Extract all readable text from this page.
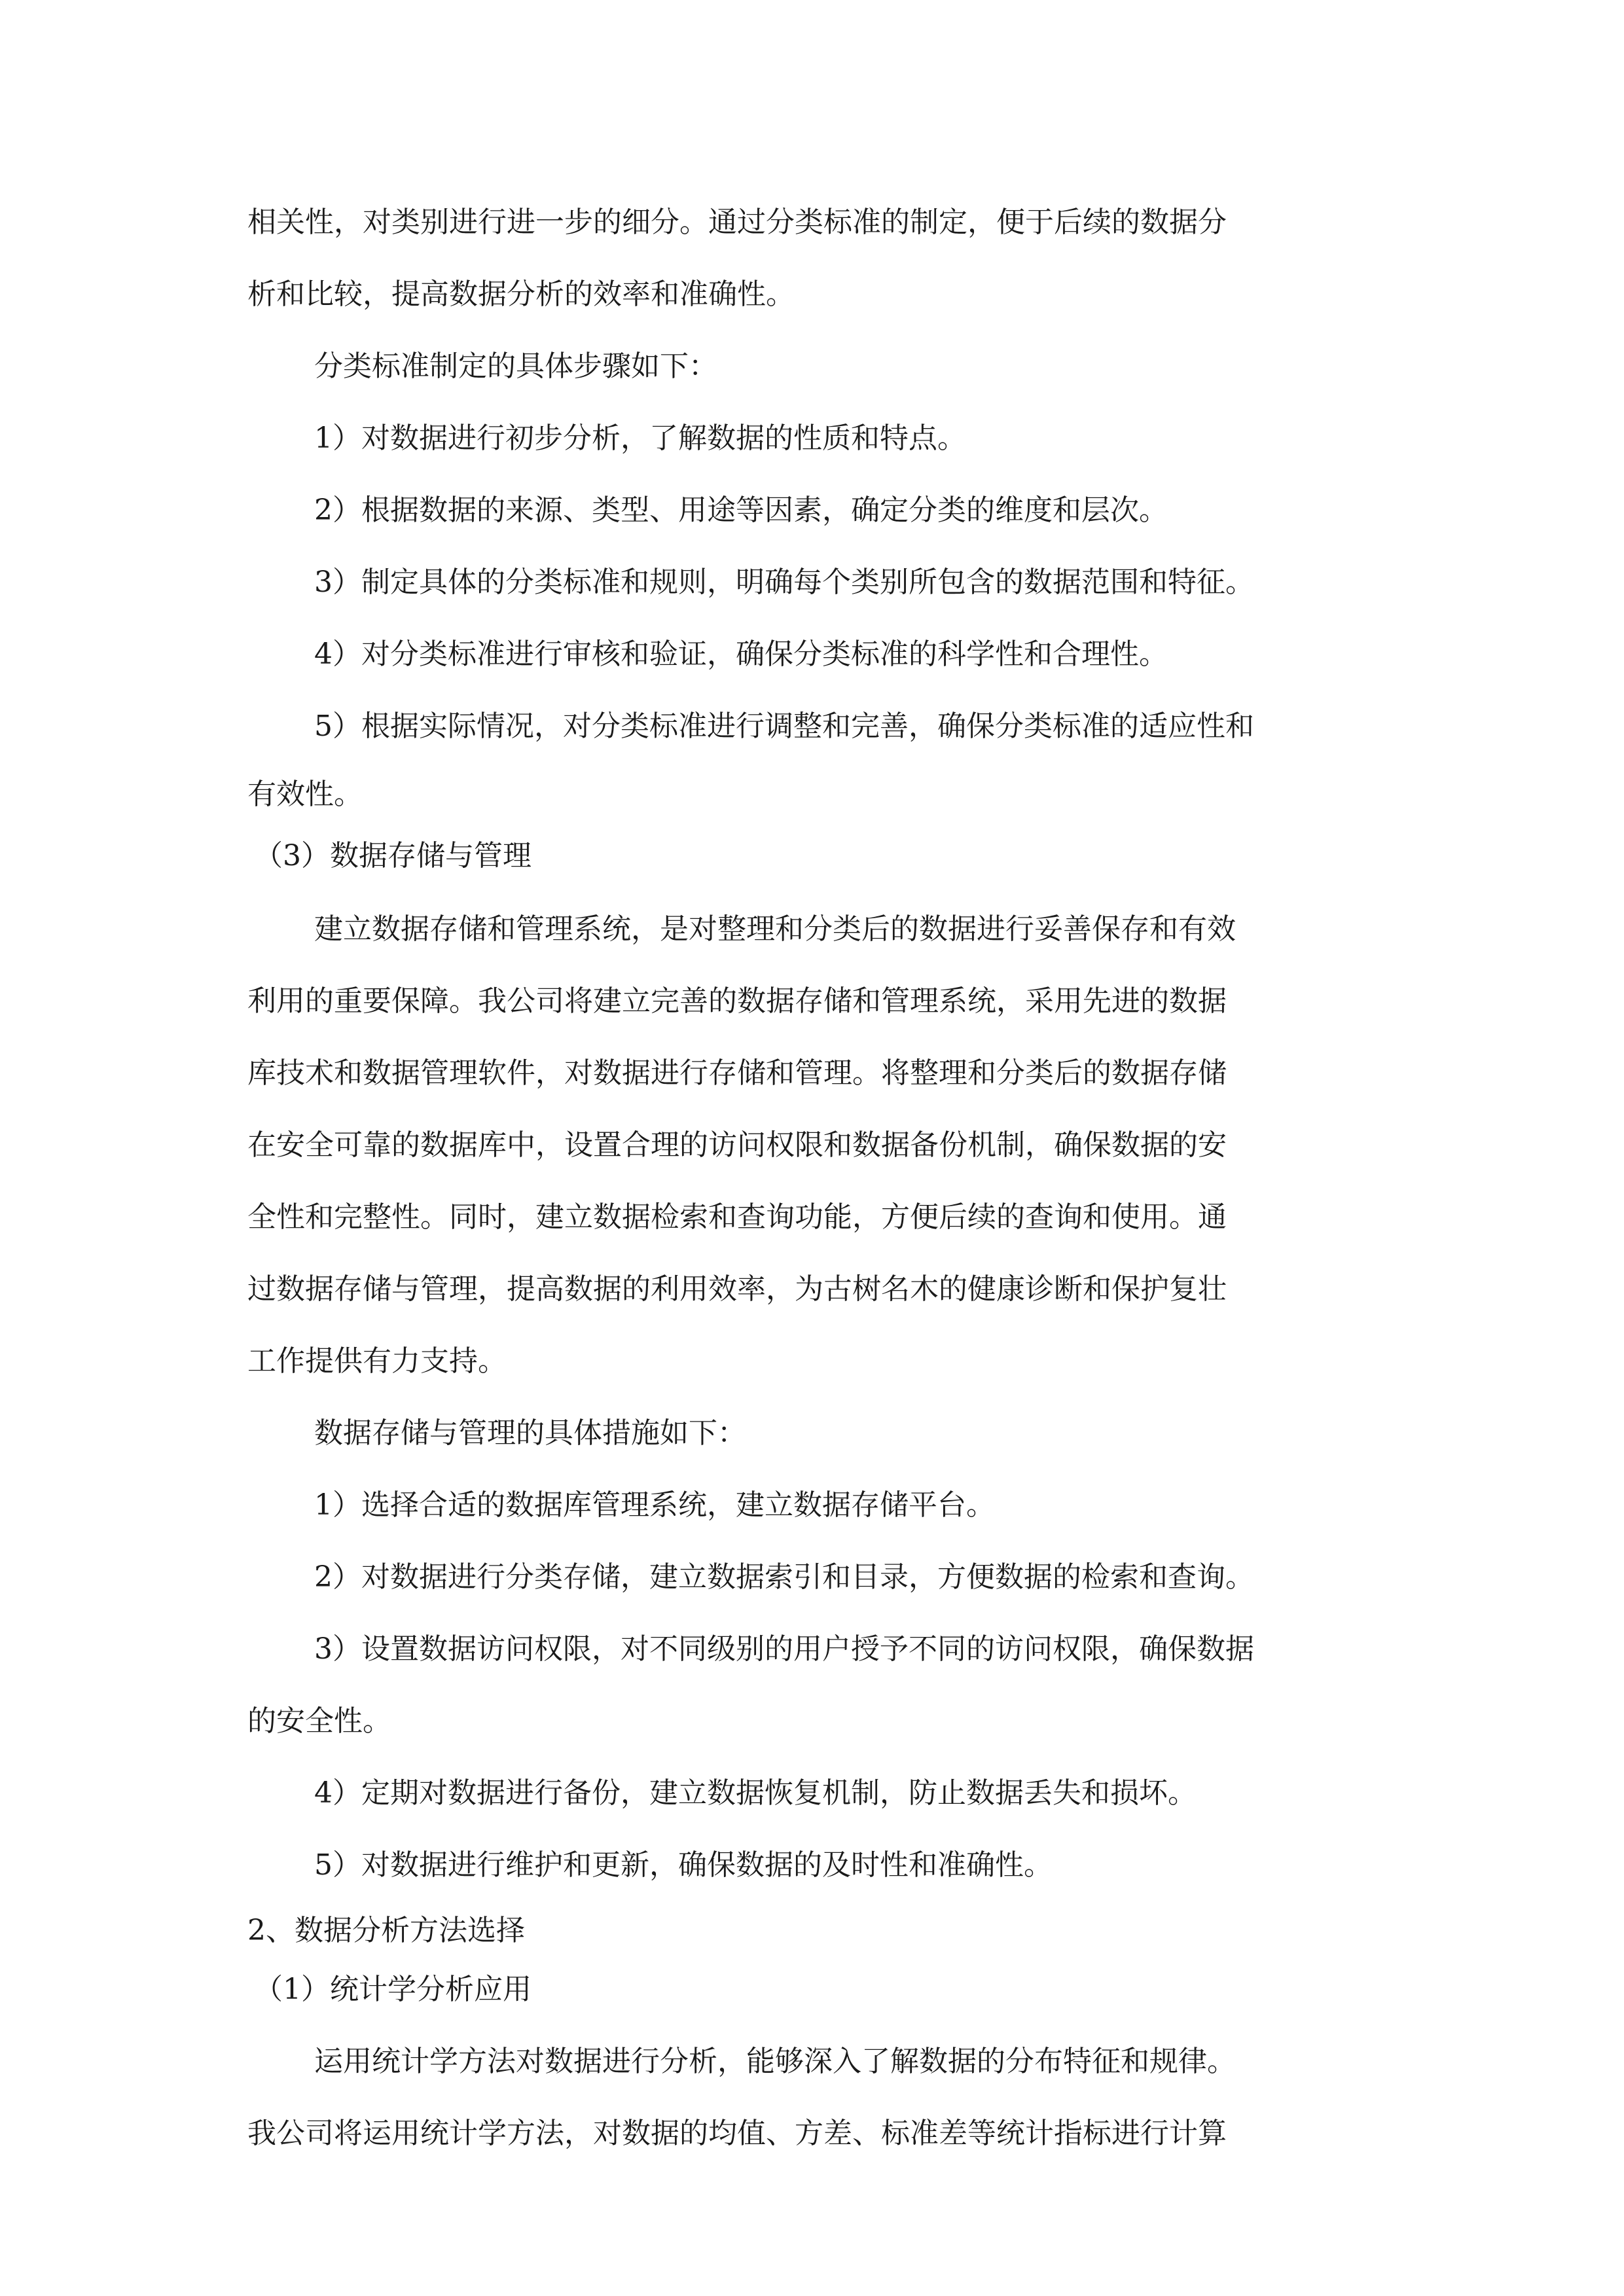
相关性，对类别进行进一步的细分。通过分类标准的制定，便于后续的数据分
析和比较，提高数据分析的效率和准确性。
分类标准制定的具体步骤如下：
1）对数据进行初步分析，了解数据的性质和特点。
2）根据数据的来源、类型、用途等因素，确定分类的维度和层次。
3）制定具体的分类标准和规则，明确每个类别所包含的数据范围和特征。
4）对分类标准进行审核和验证，确保分类标准的科学性和合理性。
5）根据实际情况，对分类标准进行调整和完善，确保分类标准的适应性和
有效性。
（3）数据存储与管理
建立数据存储和管理系统，是对整理和分类后的数据进行妥善保存和有效
利用的重要保障。我公司将建立完善的数据存储和管理系统，采用先进的数据
库技术和数据管理软件，对数据进行存储和管理。将整理和分类后的数据存储
在安全可靠的数据库中，设置合理的访问权限和数据备份机制，确保数据的安
全性和完整性。同时，建立数据检索和查询功能，方便后续的查询和使用。通
过数据存储与管理，提高数据的利用效率，为古树名木的健康诊断和保护复壮
工作提供有力支持。
数据存储与管理的具体措施如下：
1）选择合适的数据库管理系统，建立数据存储平台。
2）对数据进行分类存储，建立数据索引和目录，方便数据的检索和查询。
3）设置数据访问权限，对不同级别的用户授予不同的访问权限，确保数据
的安全性。
4）定期对数据进行备份，建立数据恢复机制，防止数据丢失和损坏。
5）对数据进行维护和更新，确保数据的及时性和准确性。
2、数据分析方法选择
（1）统计学分析应用
运用统计学方法对数据进行分析，能够深入了解数据的分布特征和规律。
我公司将运用统计学方法，对数据的均值、方差、标准差等统计指标进行计算
